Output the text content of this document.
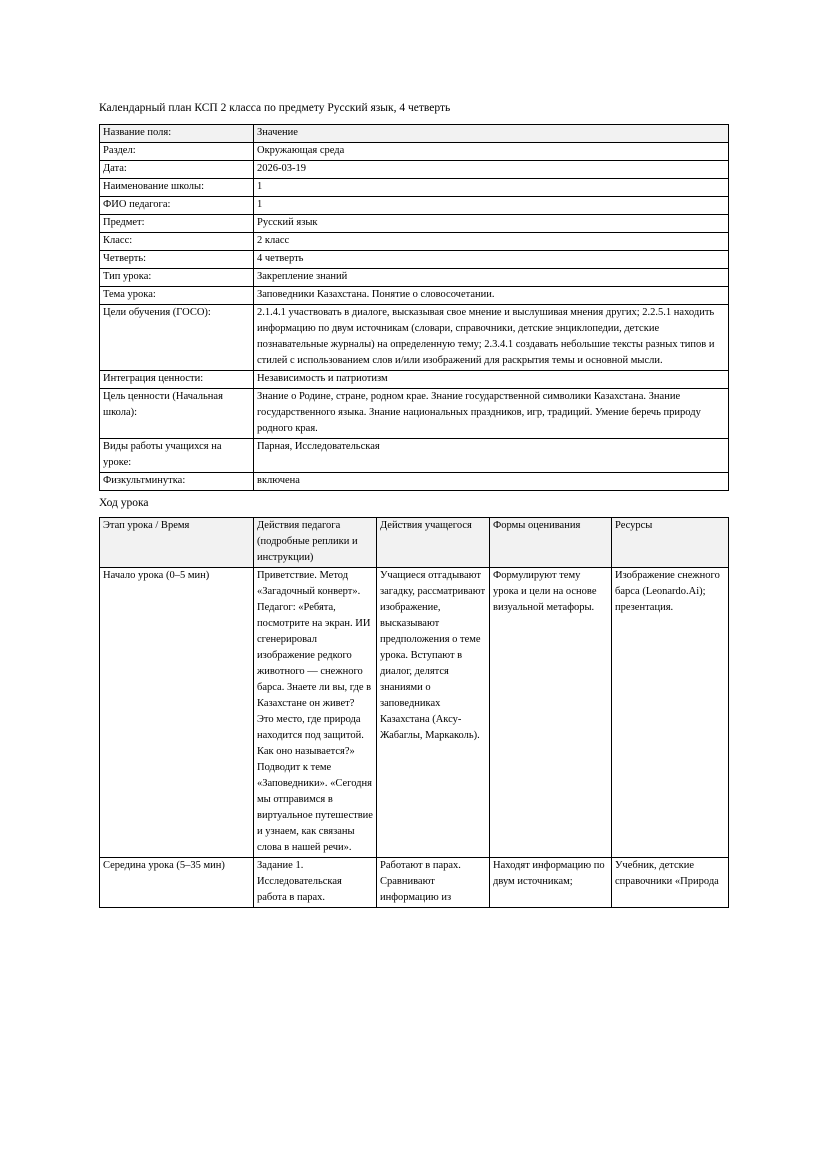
Календарный план КСП 2 класса по предмету Русский язык, 4 четверть
Название поля:	Значение
Раздел:	Окружающая среда
Дата:	2026-03-19
Наименование школы:	1
ФИО педагога:	1
Предмет:	Русский язык
Класс:	2 класс
Четверть:	4 четверть
Тип урока:	Закрепление знаний
Тема урока:	Заповедники Казахстана. Понятие о словосочетании.
Цели обучения (ГОСО):	2.1.4.1 участвовать в диалоге, высказывая свое мнение и выслушивая мнения других; 2.2.5.1 находить информацию по двум источникам (словари, справочники, детские энциклопедии, детские познавательные журналы) на определенную тему; 2.3.4.1 создавать небольшие тексты разных типов и стилей с использованием слов и/или изображений для раскрытия темы и основной мысли.
Интеграция ценности:	Независимость и патриотизм
Цель ценности (Начальная школа):	Знание о Родине, стране, родном крае. Знание государственной символики Казахстана. Знание государственного языка. Знание национальных праздников, игр, традиций. Умение беречь природу родного края.
Виды работы учащихся на уроке:	Парная, Исследовательская
Физкультминутка:	включена
Ход урока
Этап урока / Время	Действия педагога (подробные реплики и инструкции)	Действия учащегося	Формы оценивания	Ресурсы
Начало урока (0–5 мин)	Приветствие. Метод «Загадочный конверт». Педагог: «Ребята, посмотрите на экран. ИИ сгенерировал изображение редкого животного — снежного барса. Знаете ли вы, где в Казахстане он живет? Это место, где природа находится под защитой. Как оно называется?» Подводит к теме «Заповедники». «Сегодня мы отправимся в виртуальное путешествие и узнаем, как связаны слова в нашей речи».	Учащиеся отгадывают загадку, рассматривают изображение, высказывают предположения о теме урока. Вступают в диалог, делятся знаниями о заповедниках Казахстана (Аксу-Жабаглы, Маркаколь).	Формулируют тему урока и цели на основе визуальной метафоры.	Изображение снежного барса (Leonardo.Ai); презентация.
Середина урока (5–35 мин)	Задание 1. Исследовательская работа в парах.	Работают в парах. Сравнивают информацию из	Находят информацию по двум источникам;	Учебник, детские справочники «Природа
